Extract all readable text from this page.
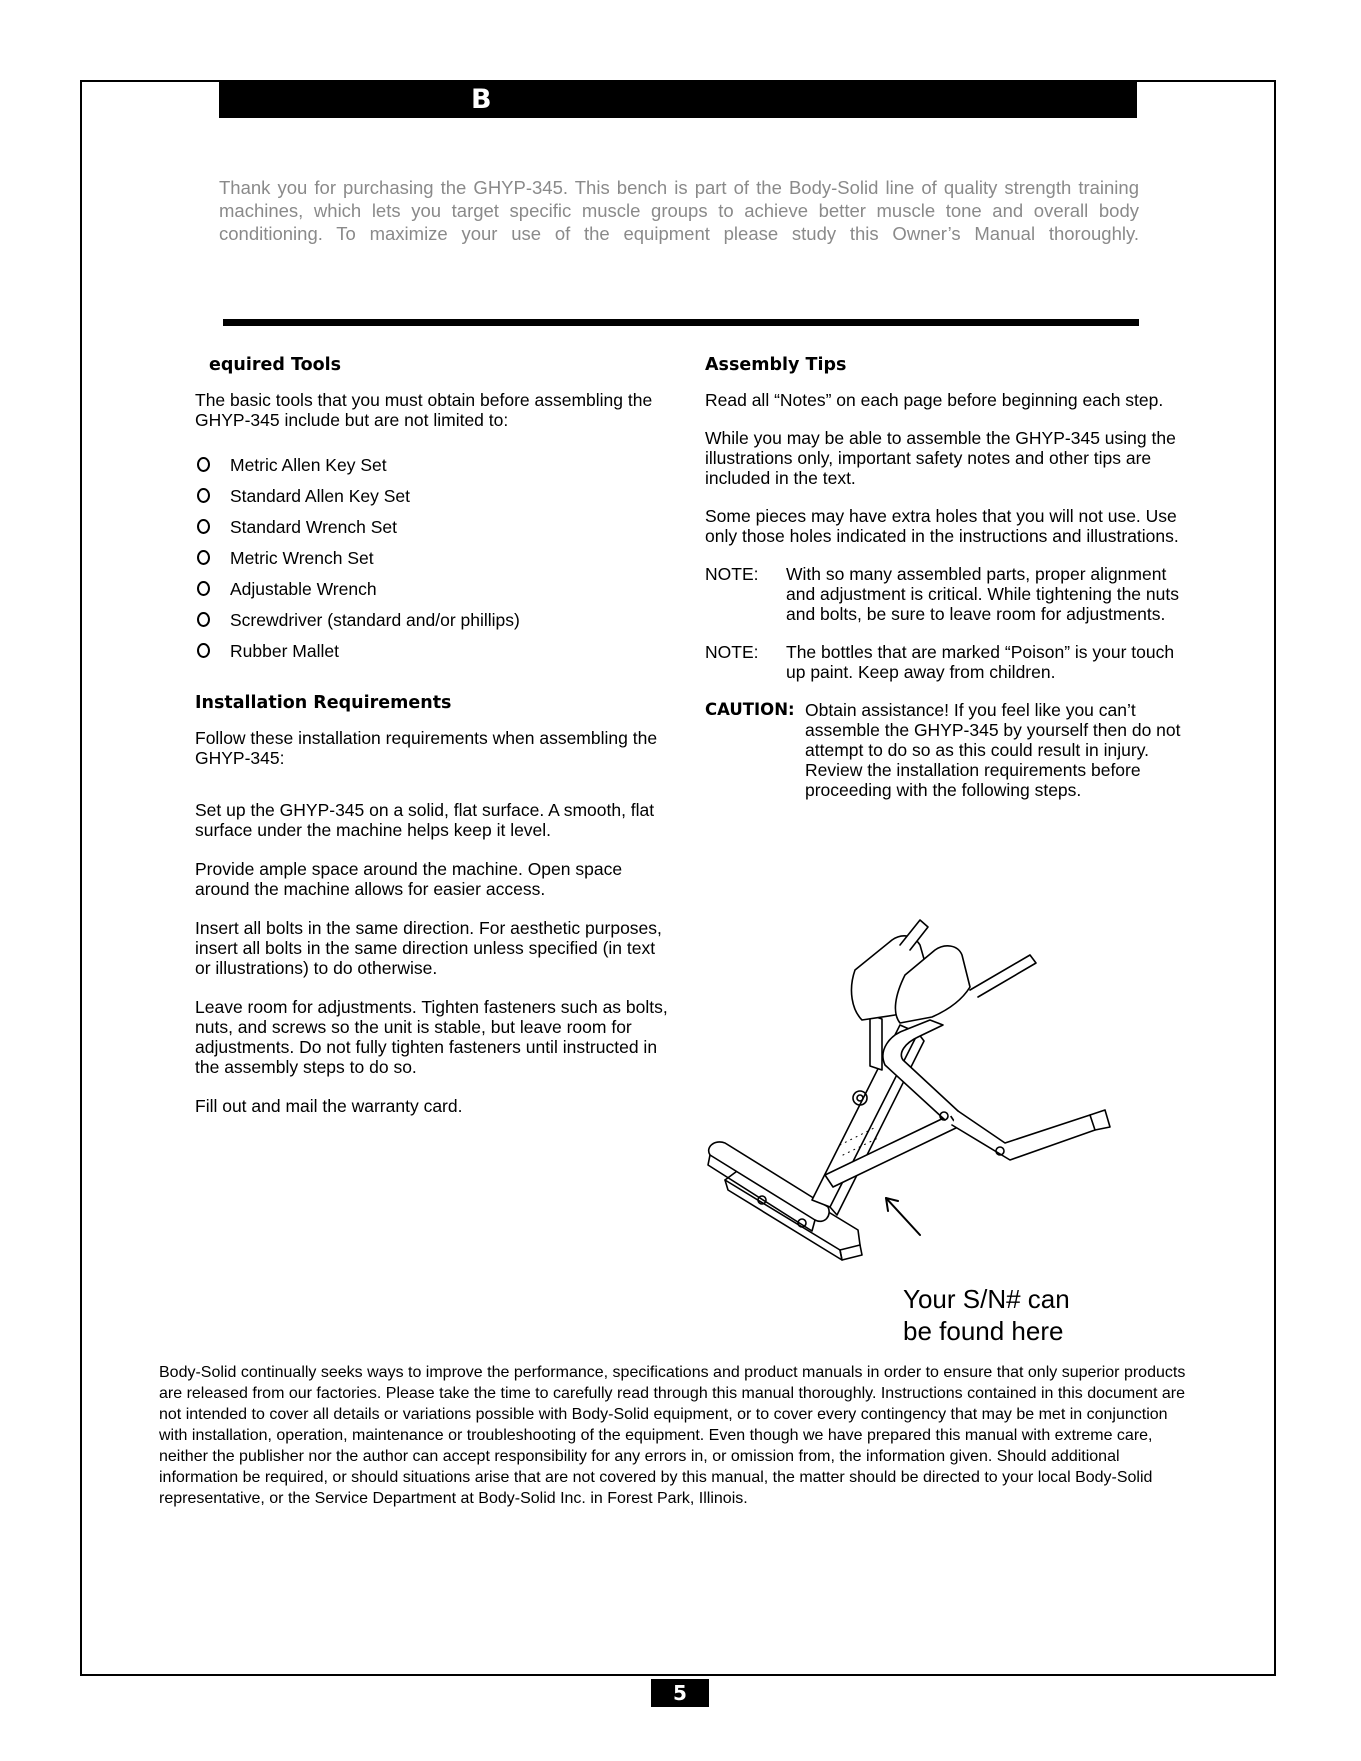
B

Thank you for purchasing the GHYP-345. This bench is part of the Body-Solid line of quality strength training machines, which lets you target specific muscle groups to achieve better muscle tone and overall body conditioning. To maximize your use of the equipment please study this Owner’s Manual thoroughly.

equired Tools

The basic tools that you must obtain before assembling the GHYP-345 include but are not limited to:

Metric Allen Key Set
Standard Allen Key Set
Standard Wrench Set
Metric Wrench Set
Adjustable Wrench
Screwdriver (standard and/or phillips)
Rubber Mallet
Installation Requirements

Follow these installation requirements when assembling the GHYP-345:

Set up the GHYP-345 on a solid, flat surface. A smooth, flat surface under the machine helps keep it level.

Provide ample space around the machine. Open space around the machine allows for easier access.

Insert all bolts in the same direction. For aesthetic purposes, insert all bolts in the same direction unless specified (in text or illustrations) to do otherwise.

Leave room for adjustments. Tighten fasteners such as bolts, nuts, and screws so the unit is stable, but leave room for adjustments. Do not fully tighten fasteners until instructed in the assembly steps to do so.

Fill out and mail the warranty card.

Assembly Tips

Read all “Notes” on each page before beginning each step.

While you may be able to assemble the GHYP-345 using the illustrations only, important safety notes and other tips are included in the text.

Some pieces may have extra holes that you will not use. Use only those holes indicated in the instructions and illustrations.

NOTE:	With so many assembled parts, proper alignment and adjustment is critical. While tightening the nuts and bolts, be sure to leave room for adjustments.
NOTE:	The bottles that are marked “Poison” is your touch up paint. Keep away from children.
CAUTION: Obtain assistance! If you feel like you can’t assemble the GHYP-345 by yourself then do not attempt to do so as this could result in injury. Review the installation requirements before proceeding with the following steps.
Your S/N# can
be found here

Body-Solid continually seeks ways to improve the performance, specifications and product manuals in order to ensure that only superior products are released from our factories. Please take the time to carefully read through this manual thoroughly. Instructions contained in this document are not intended to cover all details or variations possible with Body-Solid equipment, or to cover every contingency that may be met in conjunction with installation, operation, maintenance or troubleshooting of the equipment. Even though we have prepared this manual with extreme care, neither the publisher nor the author can accept responsibility for any errors in, or omission from, the information given. Should additional information be required, or should situations arise that are not covered by this manual, the matter should be directed to your local Body-Solid representative, or the Service Department at Body-Solid Inc. in Forest Park, Illinois.

5
